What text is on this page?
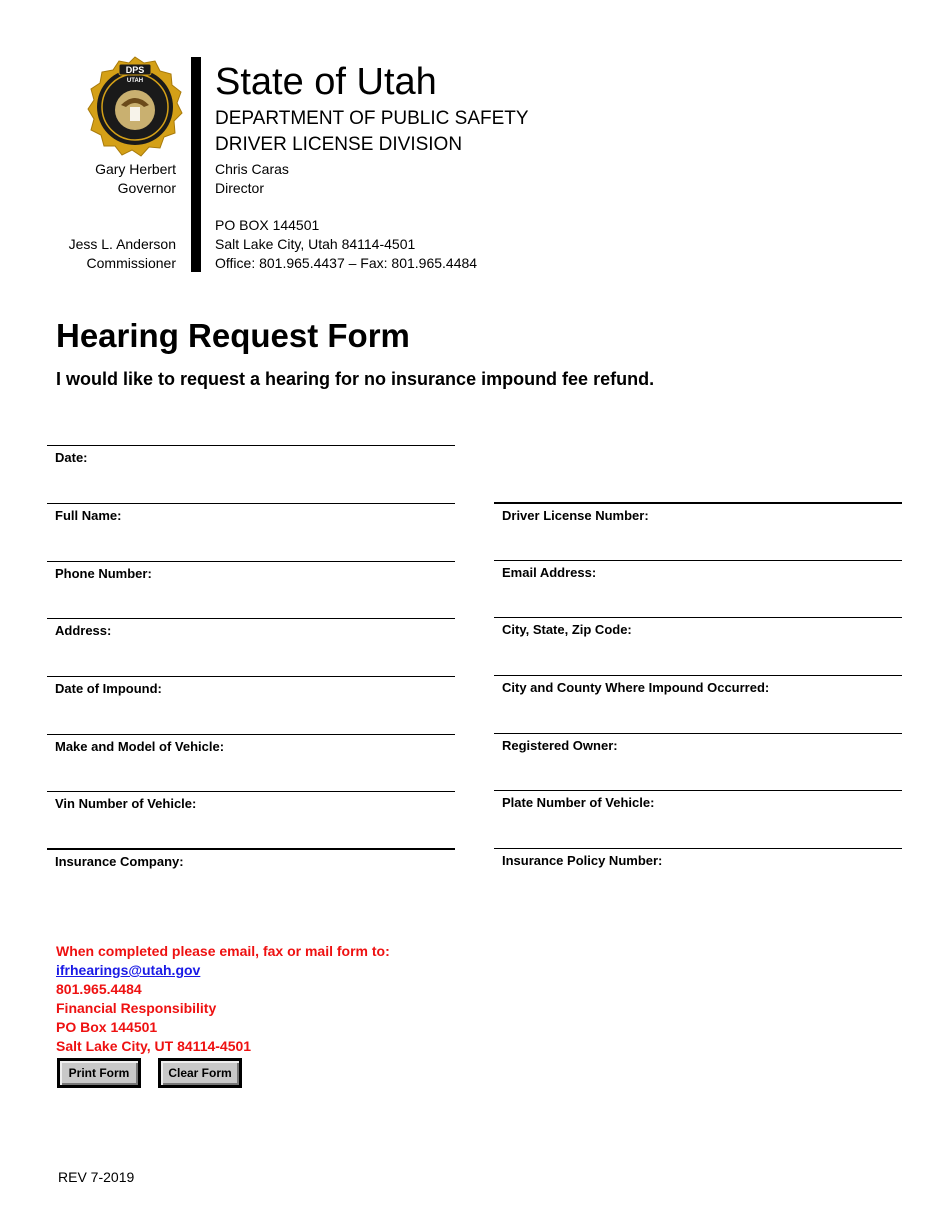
DPS
UTAH
Gary Herbert
Governor
Jess L. Anderson
Commissioner
State of Utah
DEPARTMENT OF PUBLIC SAFETY
DRIVER LICENSE DIVISION
Chris Caras
Director
PO BOX 144501
Salt Lake City, Utah 84114-4501
Office: 801.965.4437 – Fax: 801.965.4484
Hearing Request Form
I would like to request a hearing for no insurance impound fee refund.
Date:
Full Name:
Phone Number:
Address:
Date of Impound:
Make and Model of Vehicle:
Vin Number of Vehicle:
Insurance Company:
Driver License Number:
Email Address:
City, State, Zip Code:
City and County Where Impound Occurred:
Registered Owner:
Plate Number of Vehicle:
Insurance Policy Number:
When completed please email, fax or mail form to:
ifrhearings@utah.gov
801.965.4484
Financial Responsibility
PO Box 144501
Salt Lake City, UT 84114-4501
Print Form	Clear Form
REV 7-2019
